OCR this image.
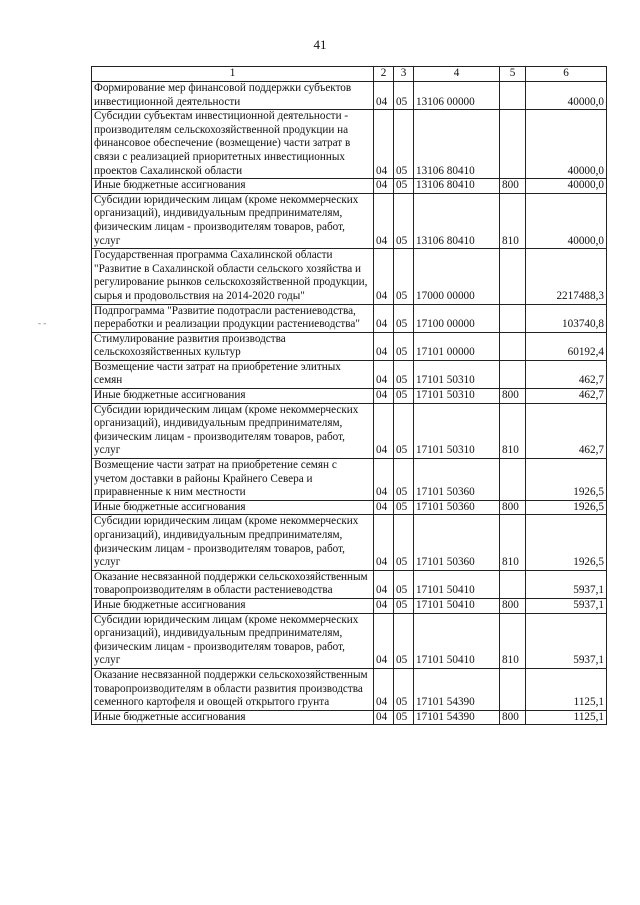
41
- -
1	2	3	4	5	6
Формирование мер финансовой поддержки субъектов инвестиционной деятельности	04	05	13106 00000		40000,0
Субсидии субъектам инвестиционной деятельности - производителям сельскохозяйственной продукции на финансовое обеспечение (возмещение) части затрат в связи с реализацией приоритетных инвестиционных проектов Сахалинской области	04	05	13106 80410		40000,0
Иные бюджетные ассигнования	04	05	13106 80410	800	40000,0
Субсидии юридическим лицам (кроме некоммерческих организаций), индивидуальным предпринимателям, физическим лицам - производителям товаров, работ, услуг	04	05	13106 80410	810	40000,0
Государственная программа Сахалинской области "Развитие в Сахалинской области сельского хозяйства и регулирование рынков сельскохозяйственной продукции, сырья и продовольствия на 2014-2020 годы"	04	05	17000 00000		2217488,3
Подпрограмма "Развитие подотрасли растениеводства, переработки и реализации продукции растениеводства"	04	05	17100 00000		103740,8
Стимулирование развития производства сельскохозяйственных культур	04	05	17101 00000		60192,4
Возмещение части затрат на приобретение элитных семян	04	05	17101 50310		462,7
Иные бюджетные ассигнования	04	05	17101 50310	800	462,7
Субсидии юридическим лицам (кроме некоммерческих организаций), индивидуальным предпринимателям, физическим лицам - производителям товаров, работ, услуг	04	05	17101 50310	810	462,7
Возмещение части затрат на приобретение семян с учетом доставки в районы Крайнего Севера и приравненные к ним местности	04	05	17101 50360		1926,5
Иные бюджетные ассигнования	04	05	17101 50360	800	1926,5
Субсидии юридическим лицам (кроме некоммерческих организаций), индивидуальным предпринимателям, физическим лицам - производителям товаров, работ, услуг	04	05	17101 50360	810	1926,5
Оказание несвязанной поддержки сельскохозяйственным товаропроизводителям в области растениеводства	04	05	17101 50410		5937,1
Иные бюджетные ассигнования	04	05	17101 50410	800	5937,1
Субсидии юридическим лицам (кроме некоммерческих организаций), индивидуальным предпринимателям, физическим лицам - производителям товаров, работ, услуг	04	05	17101 50410	810	5937,1
Оказание несвязанной поддержки сельскохозяйственным товаропроизводителям в области развития производства семенного картофеля и овощей открытого грунта	04	05	17101 54390		1125,1
Иные бюджетные ассигнования	04	05	17101 54390	800	1125,1
